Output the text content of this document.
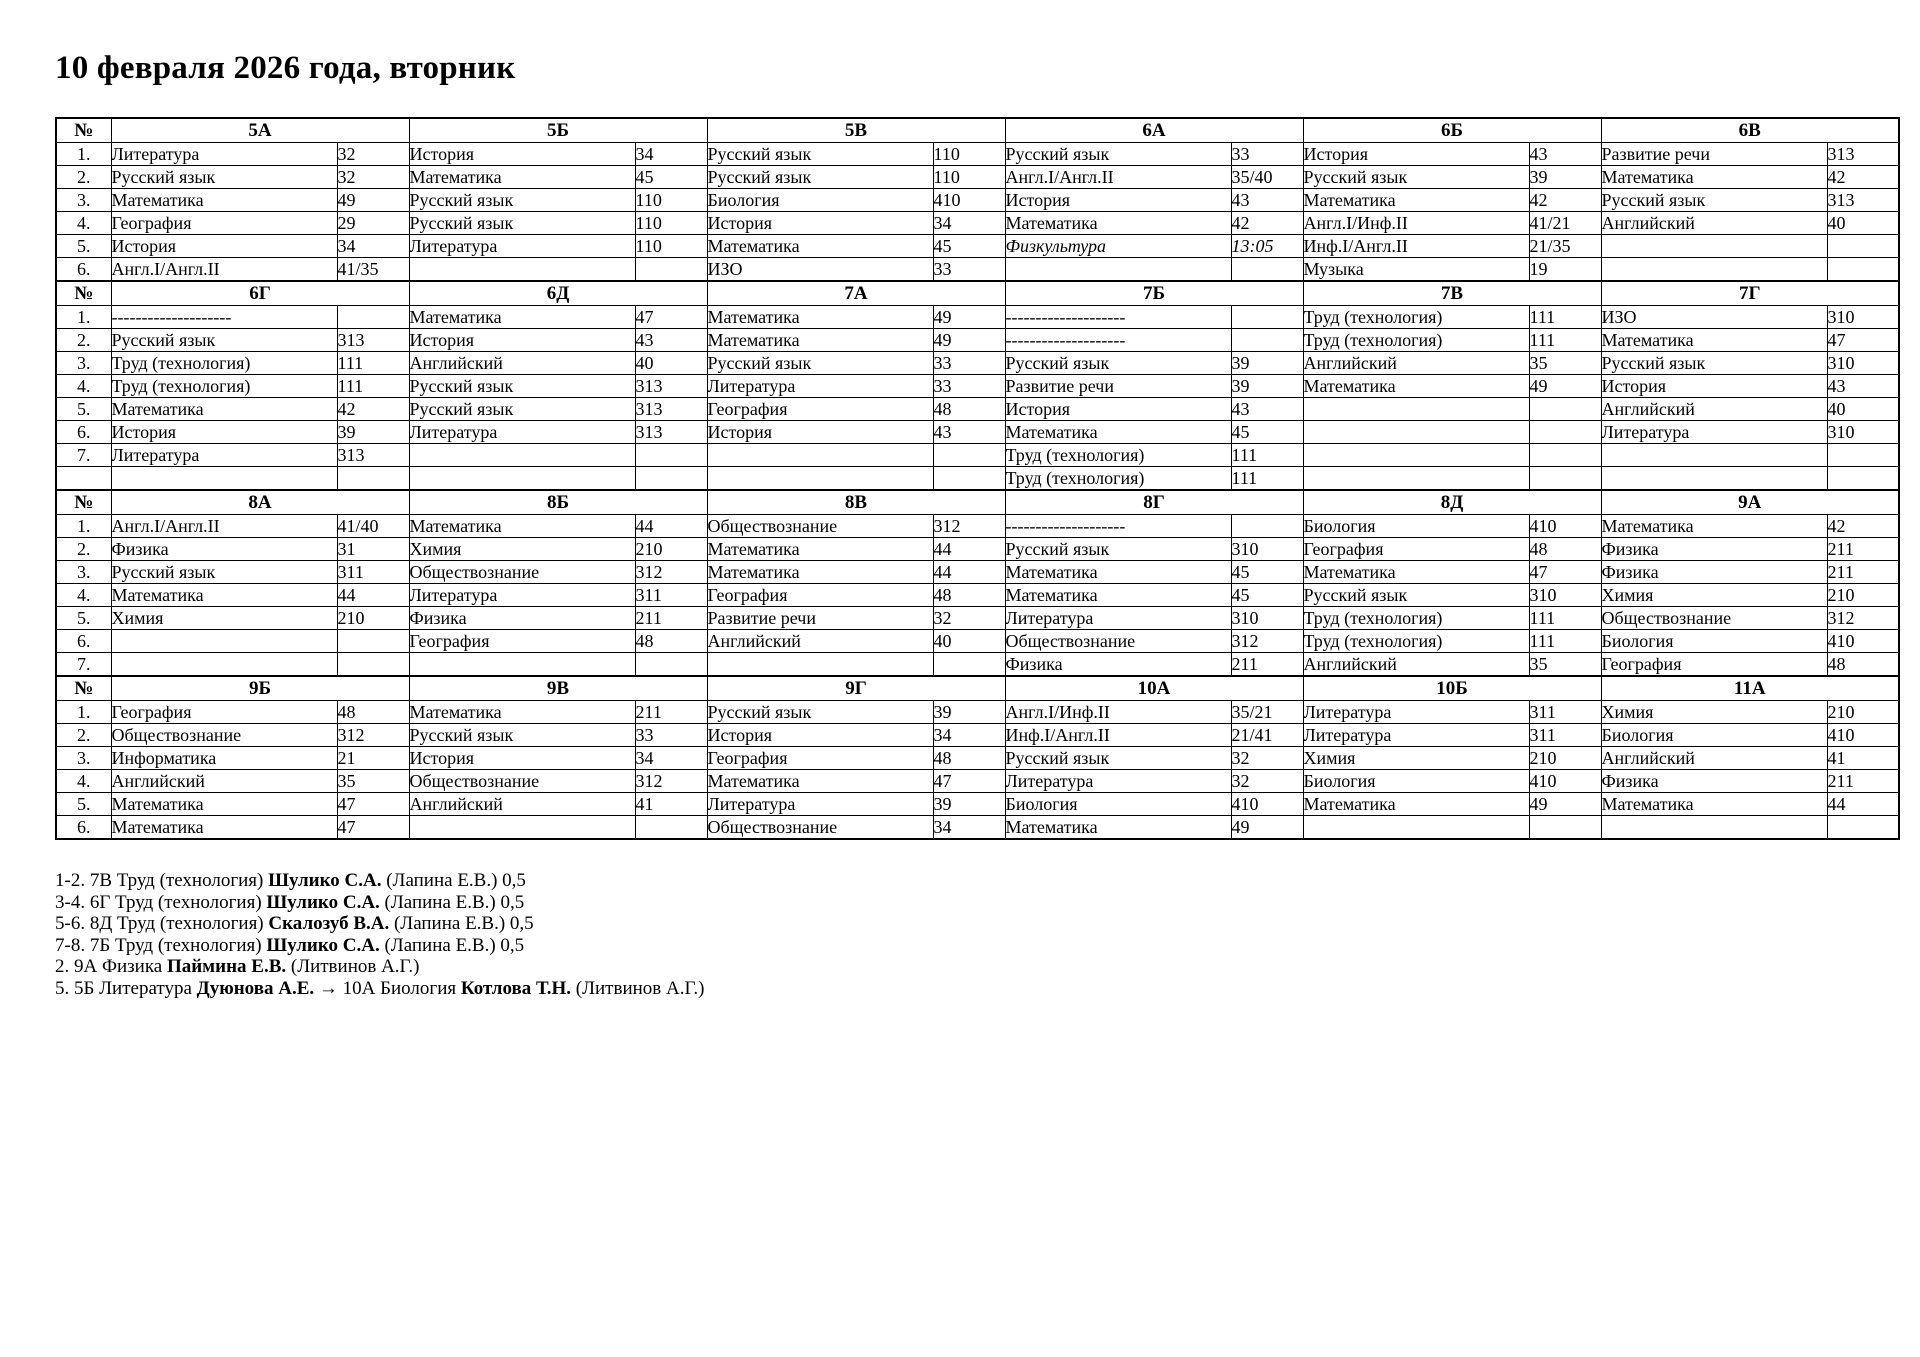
10 февраля 2026 года, вторник
№	5А		5Б		5В		6А		6Б		6В	
1.	Литература	32	История	34	Русский язык	110	Русский язык	33	История	43	Развитие речи	313
2.	Русский язык	32	Математика	45	Русский язык	110	Англ.I/Англ.II	35/40	Русский язык	39	Математика	42
3.	Математика	49	Русский язык	110	Биология	410	История	43	Математика	42	Русский язык	313
4.	География	29	Русский язык	110	История	34	Математика	42	Англ.I/Инф.II	41/21	Английский	40
5.	История	34	Литература	110	Математика	45	Физкультура	13:05	Инф.I/Англ.II	21/35		
6.	Англ.I/Англ.II	41/35			ИЗО	33			Музыка	19		
№	6Г		6Д		7А		7Б		7В		7Г	
1.	--------------------		Математика	47	Математика	49	--------------------		Труд (технология)	111	ИЗО	310
2.	Русский язык	313	История	43	Математика	49	--------------------		Труд (технология)	111	Математика	47
3.	Труд (технология)	111	Английский	40	Русский язык	33	Русский язык	39	Английский	35	Русский язык	310
4.	Труд (технология)	111	Русский язык	313	Литература	33	Развитие речи	39	Математика	49	История	43
5.	Математика	42	Русский язык	313	География	48	История	43			Английский	40
6.	История	39	Литература	313	История	43	Математика	45			Литература	310
7.	Литература	313					Труд (технология)	111				
							Труд (технология)	111				
№	8А		8Б		8В		8Г		8Д		9А	
1.	Англ.I/Англ.II	41/40	Математика	44	Обществознание	312	--------------------		Биология	410	Математика	42
2.	Физика	31	Химия	210	Математика	44	Русский язык	310	География	48	Физика	211
3.	Русский язык	311	Обществознание	312	Математика	44	Математика	45	Математика	47	Физика	211
4.	Математика	44	Литература	311	География	48	Математика	45	Русский язык	310	Химия	210
5.	Химия	210	Физика	211	Развитие речи	32	Литература	310	Труд (технология)	111	Обществознание	312
6.			География	48	Английский	40	Обществознание	312	Труд (технология)	111	Биология	410
7.							Физика	211	Английский	35	География	48
№	9Б		9В		9Г		10А		10Б		11А	
1.	География	48	Математика	211	Русский язык	39	Англ.I/Инф.II	35/21	Литература	311	Химия	210
2.	Обществознание	312	Русский язык	33	История	34	Инф.I/Англ.II	21/41	Литература	311	Биология	410
3.	Информатика	21	История	34	География	48	Русский язык	32	Химия	210	Английский	41
4.	Английский	35	Обществознание	312	Математика	47	Литература	32	Биология	410	Физика	211
5.	Математика	47	Английский	41	Литература	39	Биология	410	Математика	49	Математика	44
6.	Математика	47			Обществознание	34	Математика	49				
1-2. 7В Труд (технология) Шулико С.А. (Лапина Е.В.) 0,5
3-4. 6Г Труд (технология) Шулико С.А. (Лапина Е.В.) 0,5
5-6. 8Д Труд (технология) Скалозуб В.А. (Лапина Е.В.) 0,5
7-8. 7Б Труд (технология) Шулико С.А. (Лапина Е.В.) 0,5
2. 9А Физика Паймина Е.В. (Литвинов А.Г.)
5. 5Б Литература Дуюнова А.Е. → 10А Биология Котлова Т.Н. (Литвинов А.Г.)
